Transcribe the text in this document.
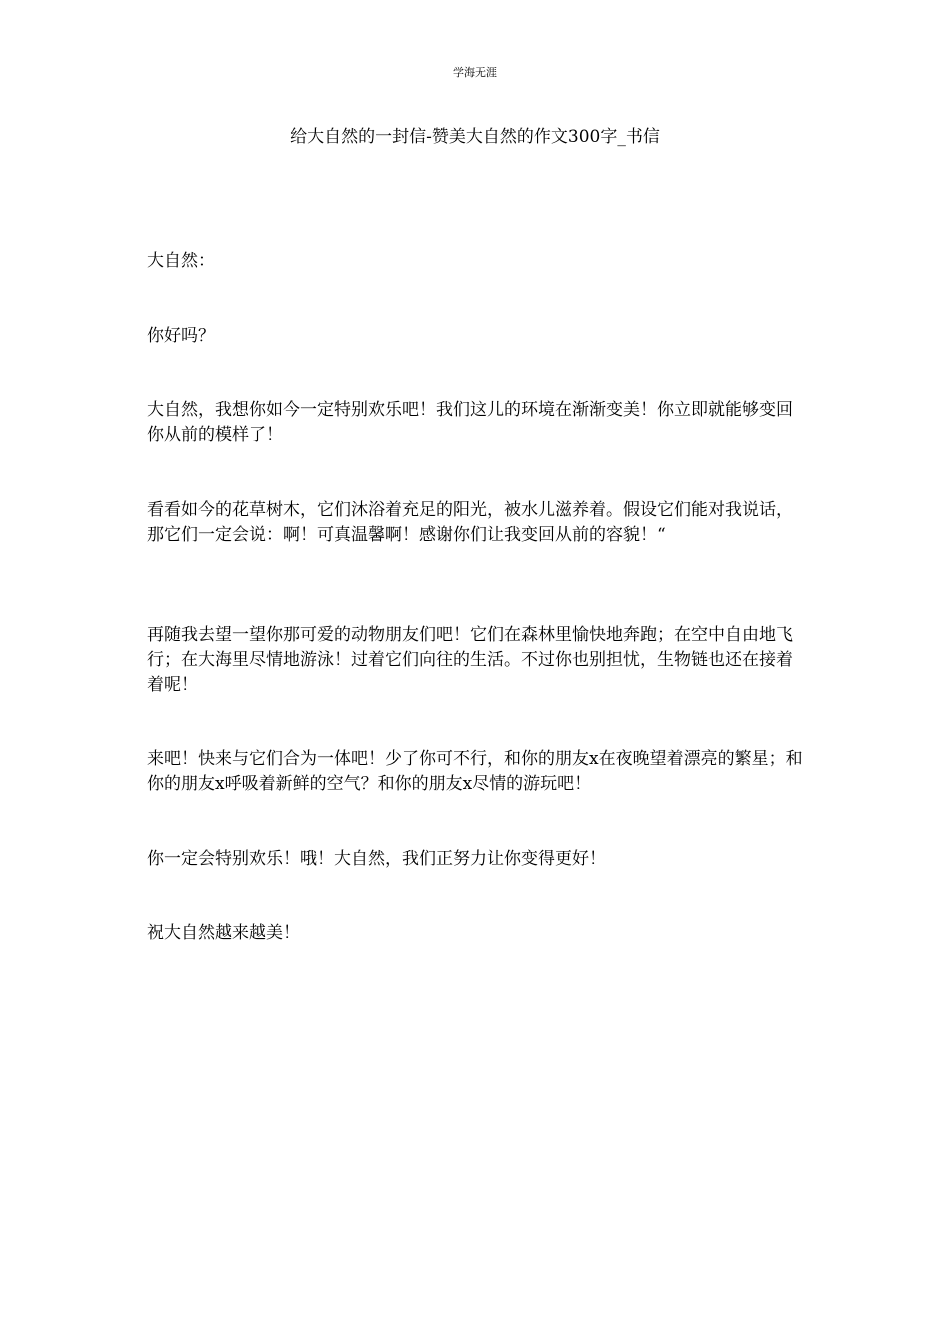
学海无涯
给大自然的一封信-赞美大自然的作文300字_书信

大自然：

你好吗？

大自然，我想你如今一定特别欢乐吧！我们这儿的环境在渐渐变美！你立即就能够变回你从前的模样了！

看看如今的花草树木，它们沐浴着充足的阳光，被水儿滋养着。假设它们能对我说话，那它们一定会说：啊！可真温馨啊！感谢你们让我变回从前的容貌！“

再随我去望一望你那可爱的动物朋友们吧！它们在森林里愉快地奔跑；在空中自由地飞行；在大海里尽情地游泳！过着它们向往的生活。不过你也别担忧，生物链也还在接着着呢！

来吧！快来与它们合为一体吧！少了你可不行，和你的朋友x在夜晚望着漂亮的繁星；和你的朋友x呼吸着新鲜的空气？和你的朋友x尽情的游玩吧！

你一定会特别欢乐！哦！大自然，我们正努力让你变得更好！

祝大自然越来越美！
